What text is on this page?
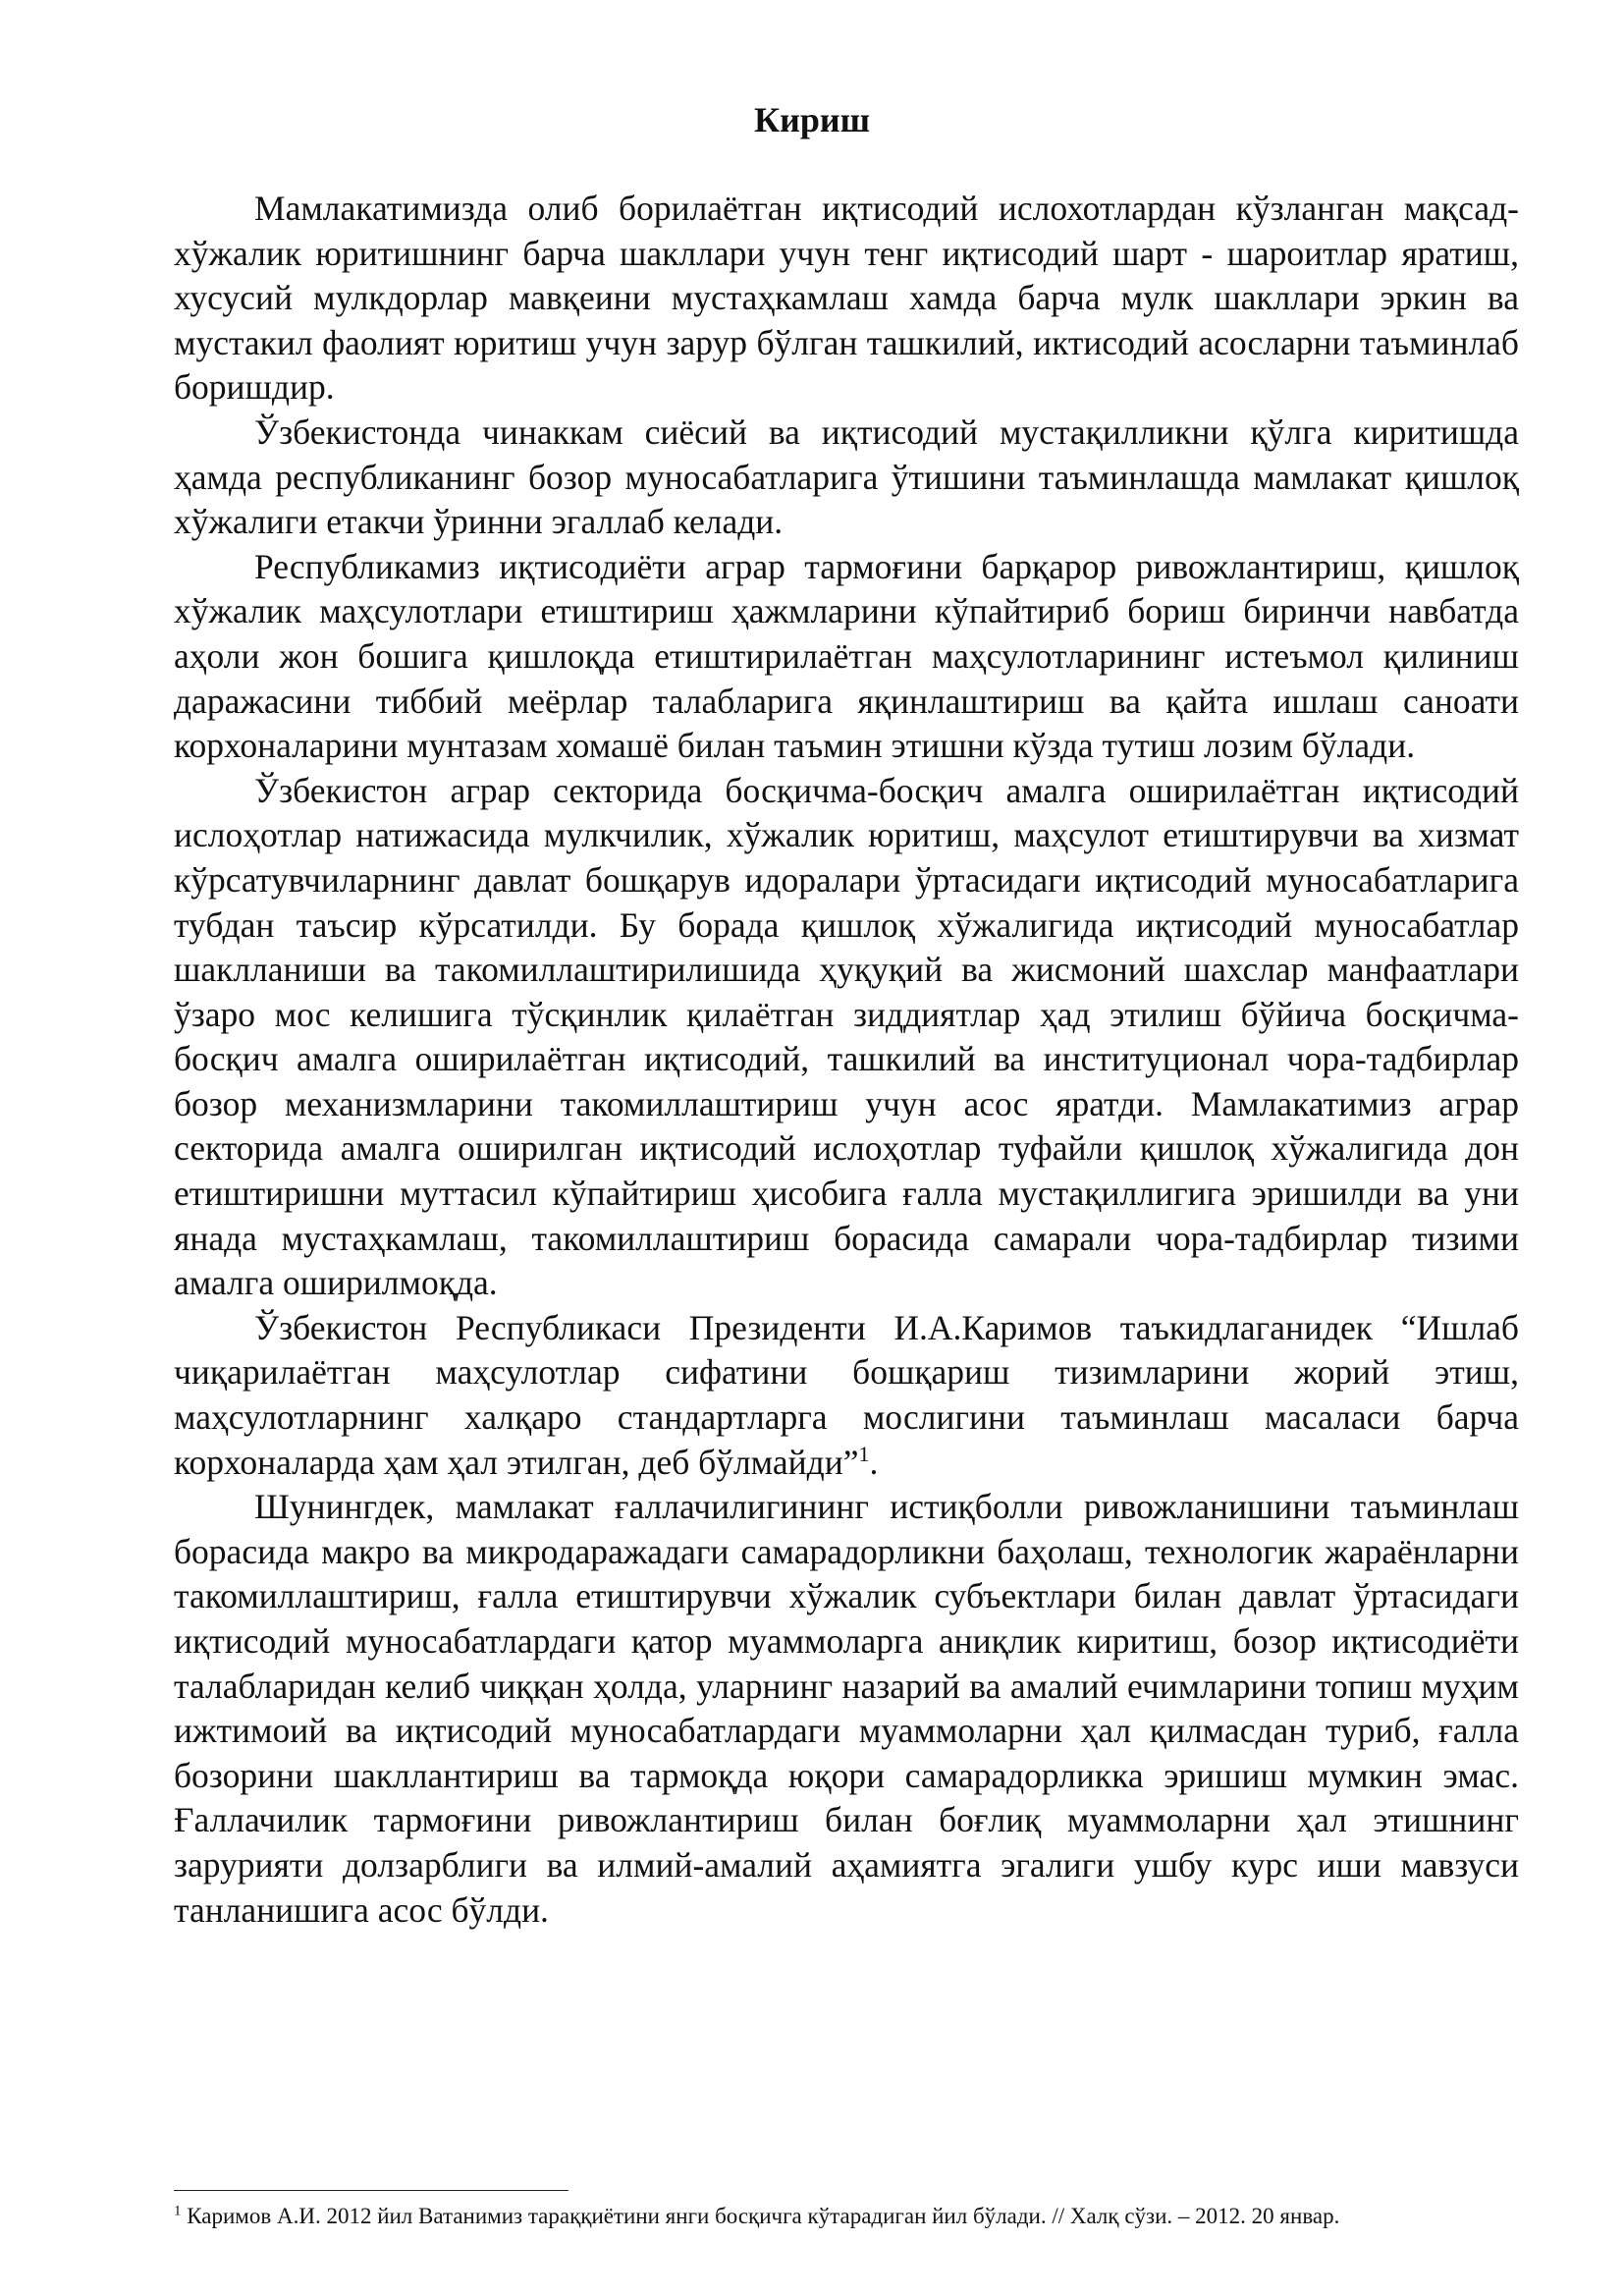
Кириш

Мамлакатимизда олиб борилаётган иқтисодий ислохотлардан кўзланган мақсад-хўжалик юритишнинг барча шакллари учун тенг иқтисодий шарт - шароитлар яратиш, хусусий мулкдорлар мавқеини мустаҳкамлаш хамда барча мулк шакллари эркин ва мустакил фаолият юритиш учун зарур бўлган ташкилий, иктисодий асосларни таъминлаб боришдир.

Ўзбекистонда чинаккам сиёсий ва иқтисодий мустақилликни қўлга киритишда ҳамда республиканинг бозор муносабатларига ўтишини таъминлашда мамлакат қишлоқ хўжалиги етакчи ўринни эгаллаб келади.

Республикамиз иқтисодиёти аграр тармоғини барқарор ривожлантириш, қишлоқ хўжалик маҳсулотлари етиштириш ҳажмларини кўпайтириб бориш биринчи навбатда аҳоли жон бошига қишлоқда етиштирилаётган маҳсулотларининг истеъмол қилиниш даражасини тиббий меёрлар талабларига яқинлаштириш ва қайта ишлаш саноати корхоналарини мунтазам хомашё билан таъмин этишни кўзда тутиш лозим бўлади.

Ўзбекистон аграр секторида босқичма-босқич амалга оширилаётган иқтисодий ислоҳотлар натижасида мулкчилик, хўжалик юритиш, маҳсулот етиштирувчи ва хизмат кўрсатувчиларнинг давлат бошқарув идоралари ўртасидаги иқтисодий муносабатларига тубдан таъсир кўрсатилди. Бу борада қишлоқ хўжалигида иқтисодий муносабатлар шаклланиши ва такомиллаштирилишида ҳуқуқий ва жисмоний шахслар манфаатлари ўзаро мос келишига тўсқинлик қилаётган зиддиятлар ҳад этилиш бўйича босқичма-босқич амалга оширилаётган иқтисодий, ташкилий ва институционал чора-тадбирлар бозор механизмларини такомиллаштириш учун асос яратди. Мамлакатимиз аграр секторида амалга оширилган иқтисодий ислоҳотлар туфайли қишлоқ хўжалигида дон етиштиришни муттасил кўпайтириш ҳисобига ғалла мустақиллигига эришилди ва уни янада мустаҳкамлаш, такомиллаштириш борасида самарали чора-тадбирлар тизими амалга оширилмоқда.

Ўзбекистон Республикаси Президенти И.А.Каримов таъкидлаганидек “Ишлаб чиқарилаётган маҳсулотлар сифатини бошқариш тизимларини жорий этиш, маҳсулотларнинг халқаро стандартларга мослигини таъминлаш масаласи барча корхоналарда ҳам ҳал этилган, деб бўлмайди”$^1$.

Шунингдек, мамлакат ғаллачилигининг истиқболли ривожланишини таъминлаш борасида макро ва микродаражадаги самарадорликни баҳолаш, технологик жараёнларни такомиллаштириш, ғалла етиштирувчи хўжалик субъектлари билан давлат ўртасидаги иқтисодий муносабатлардаги қатор муаммоларга аниқлик киритиш, бозор иқтисодиёти талабларидан келиб чиққан ҳолда, уларнинг назарий ва амалий ечимларини топиш муҳим ижтимоий ва иқтисодий муносабатлардаги муаммоларни ҳал қилмасдан туриб, ғалла бозорини шакллантириш ва тармоқда юқори самарадорликка эришиш мумкин эмас. Ғаллачилик тармоғини ривожлантириш билан боғлиқ муаммоларни ҳал этишнинг зарурияти долзарблиги ва илмий-амалий аҳамиятга эгалиги ушбу курс иши мавзуси танланишига асос бўлди.

$^1$ Каримов А.И. 2012 йил Ватанимиз тараққиётини янги босқичга кўтарадиган йил бўлади. // Халқ сўзи. – 2012. 20 январ.
